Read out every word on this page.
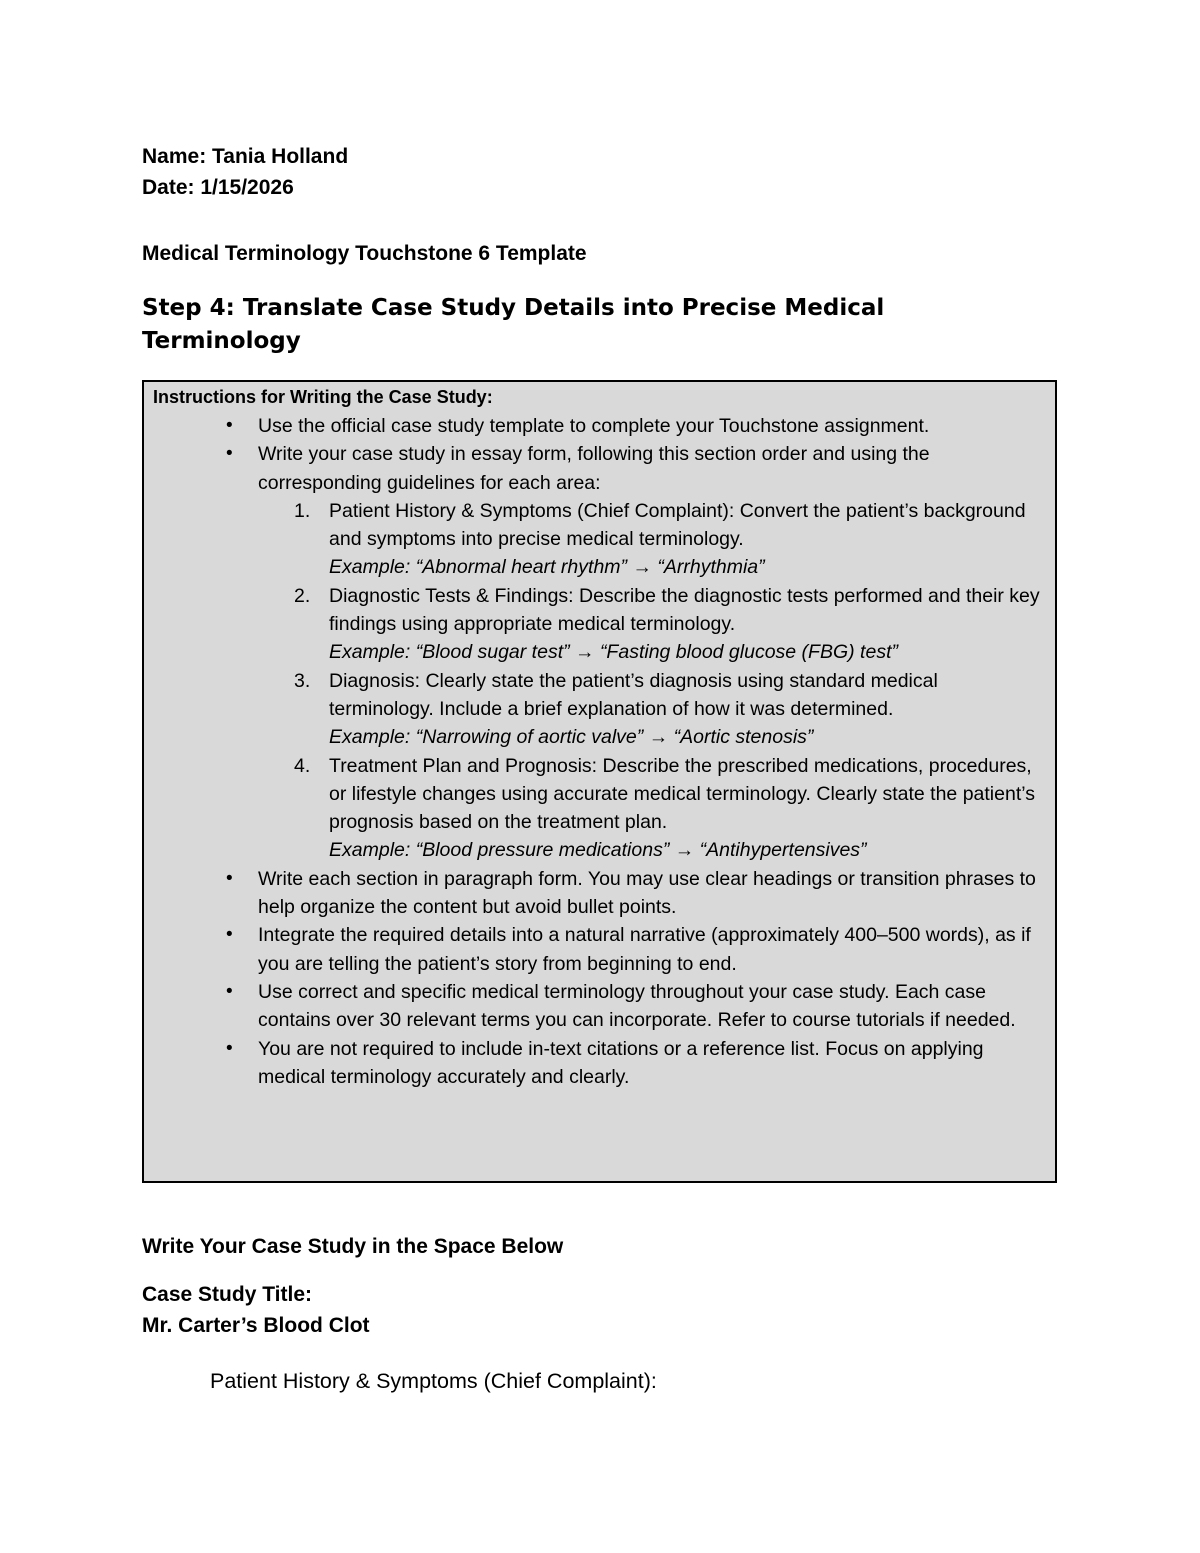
Name: Tania Holland
Date: 1/15/2026
Medical Terminology Touchstone 6 Template
Step 4: Translate Case Study Details into Precise Medical Terminology
Instructions for Writing the Case Study:
• Use the official case study template to complete your Touchstone assignment.
• Write your case study in essay form, following this section order and using the corresponding guidelines for each area:
1. Patient History & Symptoms (Chief Complaint): Convert the patient’s background and symptoms into precise medical terminology.
Example: “Abnormal heart rhythm” → “Arrhythmia”
2. Diagnostic Tests & Findings: Describe the diagnostic tests performed and their key findings using appropriate medical terminology.
Example: “Blood sugar test” → “Fasting blood glucose (FBG) test”
3. Diagnosis: Clearly state the patient’s diagnosis using standard medical terminology. Include a brief explanation of how it was determined.
Example: “Narrowing of aortic valve” → “Aortic stenosis”
4. Treatment Plan and Prognosis: Describe the prescribed medications, procedures, or lifestyle changes using accurate medical terminology. Clearly state the patient’s prognosis based on the treatment plan.
Example: “Blood pressure medications” → “Antihypertensives”
• Write each section in paragraph form. You may use clear headings or transition phrases to help organize the content but avoid bullet points.
• Integrate the required details into a natural narrative (approximately 400–500 words), as if you are telling the patient’s story from beginning to end.
• Use correct and specific medical terminology throughout your case study. Each case contains over 30 relevant terms you can incorporate. Refer to course tutorials if needed.
• You are not required to include in-text citations or a reference list. Focus on applying medical terminology accurately and clearly.
Write Your Case Study in the Space Below
Case Study Title:
Mr. Carter’s Blood Clot
Patient History & Symptoms (Chief Complaint):
